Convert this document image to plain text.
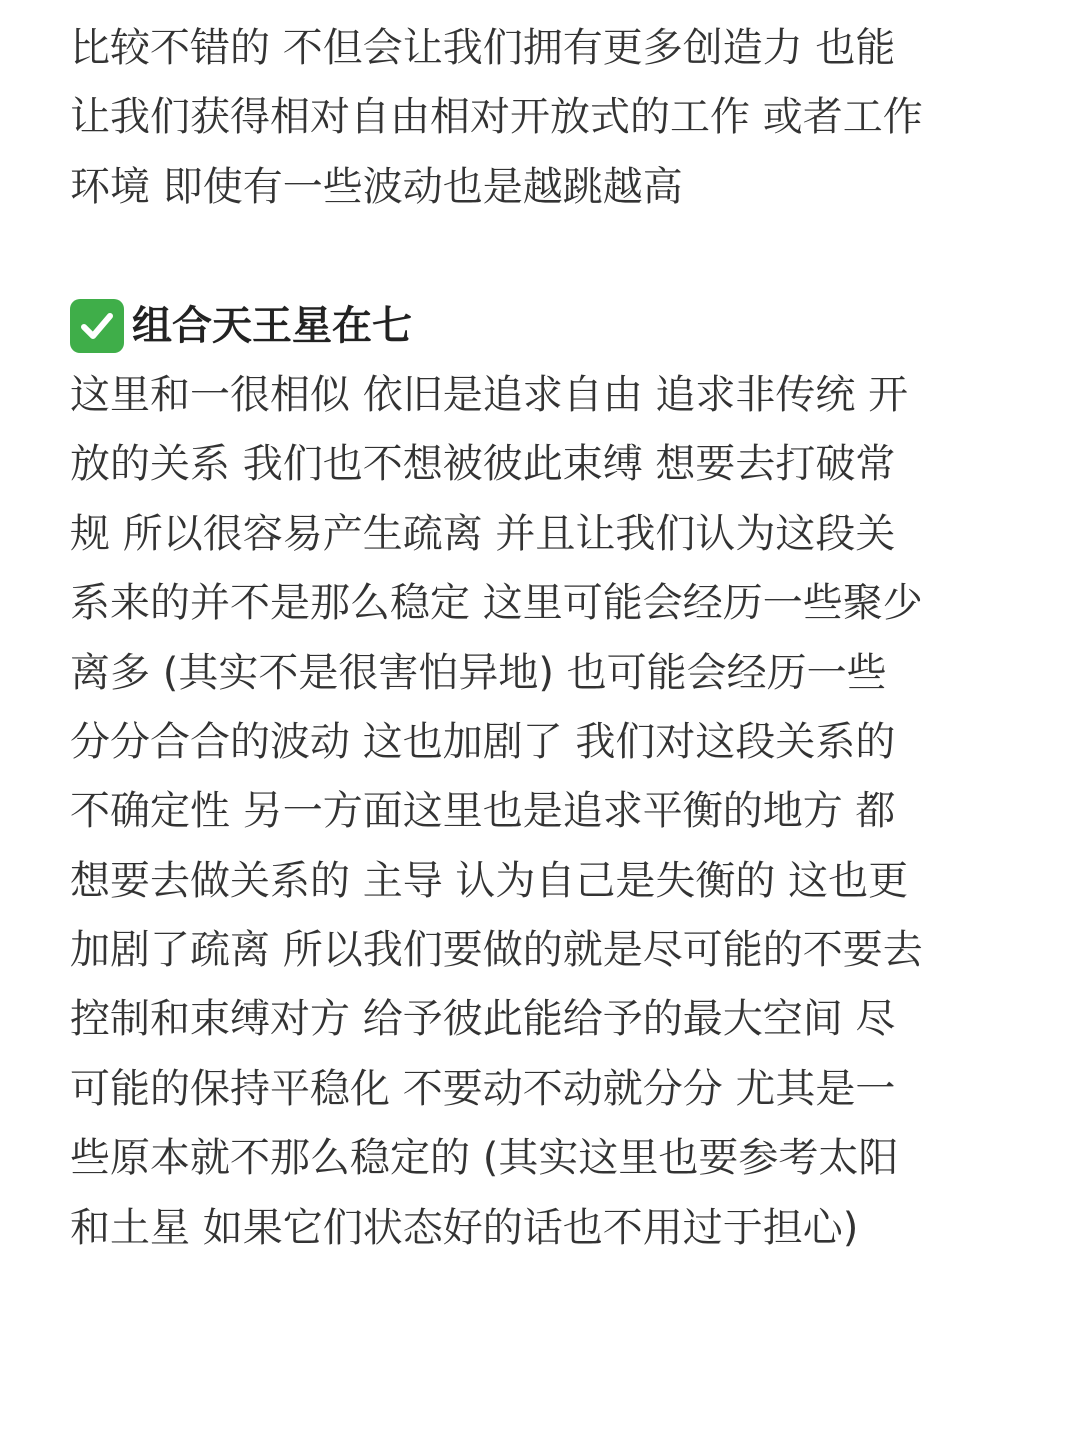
比较不错的 不但会让我们拥有更多创造力 也能
让我们获得相对自由相对开放式的工作 或者工作
环境 即使有一些波动也是越跳越高
组合天王星在七
这里和一很相似 依旧是追求自由 追求非传统 开
放的关系 我们也不想被彼此束缚 想要去打破常
规 所以很容易产生疏离 并且让我们认为这段关
系来的并不是那么稳定 这里可能会经历一些聚少
离多 (其实不是很害怕异地) 也可能会经历一些
分分合合的波动 这也加剧了 我们对这段关系的
不确定性 另一方面这里也是追求平衡的地方 都
想要去做关系的 主导 认为自己是失衡的 这也更
加剧了疏离 所以我们要做的就是尽可能的不要去
控制和束缚对方 给予彼此能给予的最大空间 尽
可能的保持平稳化 不要动不动就分分 尤其是一
些原本就不那么稳定的 (其实这里也要参考太阳
和土星 如果它们状态好的话也不用过于担心)
